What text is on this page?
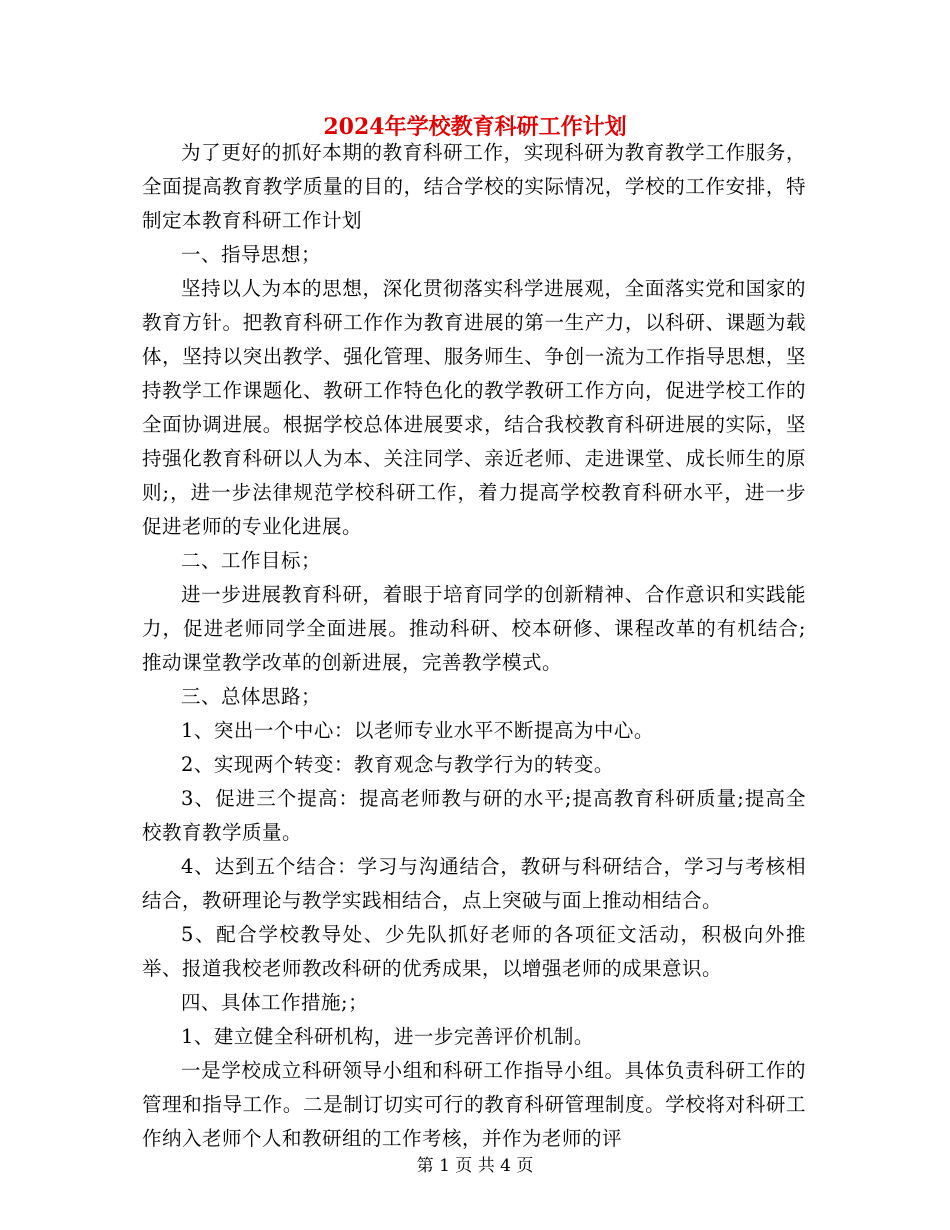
2024年学校教育科研工作计划

为了更好的抓好本期的教育科研工作，实现科研为教育教学工作服务，全面提高教育教学质量的目的，结合学校的实际情况，学校的工作安排，特制定本教育科研工作计划

一、指导思想；

坚持以人为本的思想，深化贯彻落实科学进展观，全面落实党和国家的教育方针。把教育科研工作作为教育进展的第一生产力，以科研、课题为载体，坚持以突出教学、强化管理、服务师生、争创一流为工作指导思想，坚持教学工作课题化、教研工作特色化的教学教研工作方向，促进学校工作的全面协调进展。根据学校总体进展要求，结合我校教育科研进展的实际，坚持强化教育科研以人为本、关注同学、亲近老师、走进课堂、成长师生的原则;，进一步法律规范学校科研工作，着力提高学校教育科研水平，进一步促进老师的专业化进展。

二、工作目标；

进一步进展教育科研，着眼于培育同学的创新精神、合作意识和实践能力，促进老师同学全面进展。推动科研、校本研修、课程改革的有机结合;推动课堂教学改革的创新进展，完善教学模式。

三、总体思路；

1、突出一个中心：以老师专业水平不断提高为中心。

2、实现两个转变：教育观念与教学行为的转变。

3、促进三个提高：提高老师教与研的水平;提高教育科研质量;提高全校教育教学质量。

4、达到五个结合：学习与沟通结合，教研与科研结合，学习与考核相结合，教研理论与教学实践相结合，点上突破与面上推动相结合。

5、配合学校教导处、少先队抓好老师的各项征文活动，积极向外推举、报道我校老师教改科研的优秀成果，以增强老师的成果意识。

四、具体工作措施;；

1、建立健全科研机构，进一步完善评价机制。

一是学校成立科研领导小组和科研工作指导小组。具体负责科研工作的管理和指导工作。二是制订切实可行的教育科研管理制度。学校将对科研工作纳入老师个人和教研组的工作考核，并作为老师的评

第 1 页 共 4 页
